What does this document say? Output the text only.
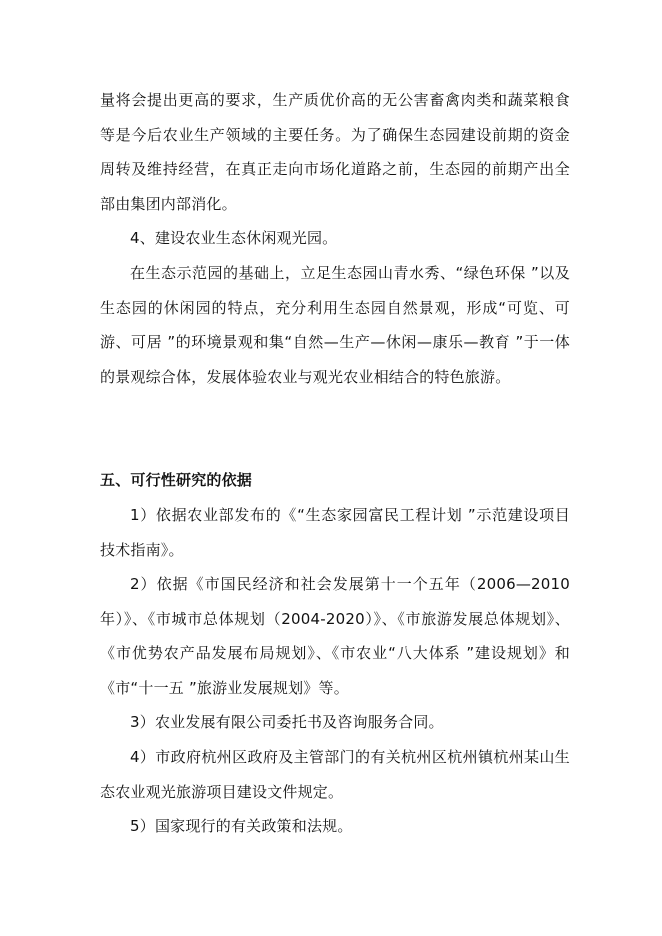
量将会提出更高的要求，生产质优价高的无公害畜禽肉类和蔬菜粮食等是今后农业生产领域的主要任务。为了确保生态园建设前期的资金周转及维持经营，在真正走向市场化道路之前，生态园的前期产出全部由集团内部消化。

4、建设农业生态休闲观光园。

在生态示范园的基础上，立足生态园山青水秀、“绿色环保 ”以及生态园的休闲园的特点，充分利用生态园自然景观，形成“可览、可游、可居 ”的环境景观和集“自然—生产—休闲—康乐—教育 ”于一体的景观综合体，发展体验农业与观光农业相结合的特色旅游。

五、可行性研究的依据

1）依据农业部发布的《“生态家园富民工程计划 ”示范建设项目技术指南》。

2）依据《市国民经济和社会发展第十一个五年（2006—2010年）》、《市城市总体规划（2004-2020）》、《市旅游发展总体规划》、《市优势农产品发展布局规划》、《市农业“八大体系 ”建设规划》和《市“十一五 ”旅游业发展规划》等。

3）农业发展有限公司委托书及咨询服务合同。

4）市政府杭州区政府及主管部门的有关杭州区杭州镇杭州某山生态农业观光旅游项目建设文件规定。

5）国家现行的有关政策和法规。
